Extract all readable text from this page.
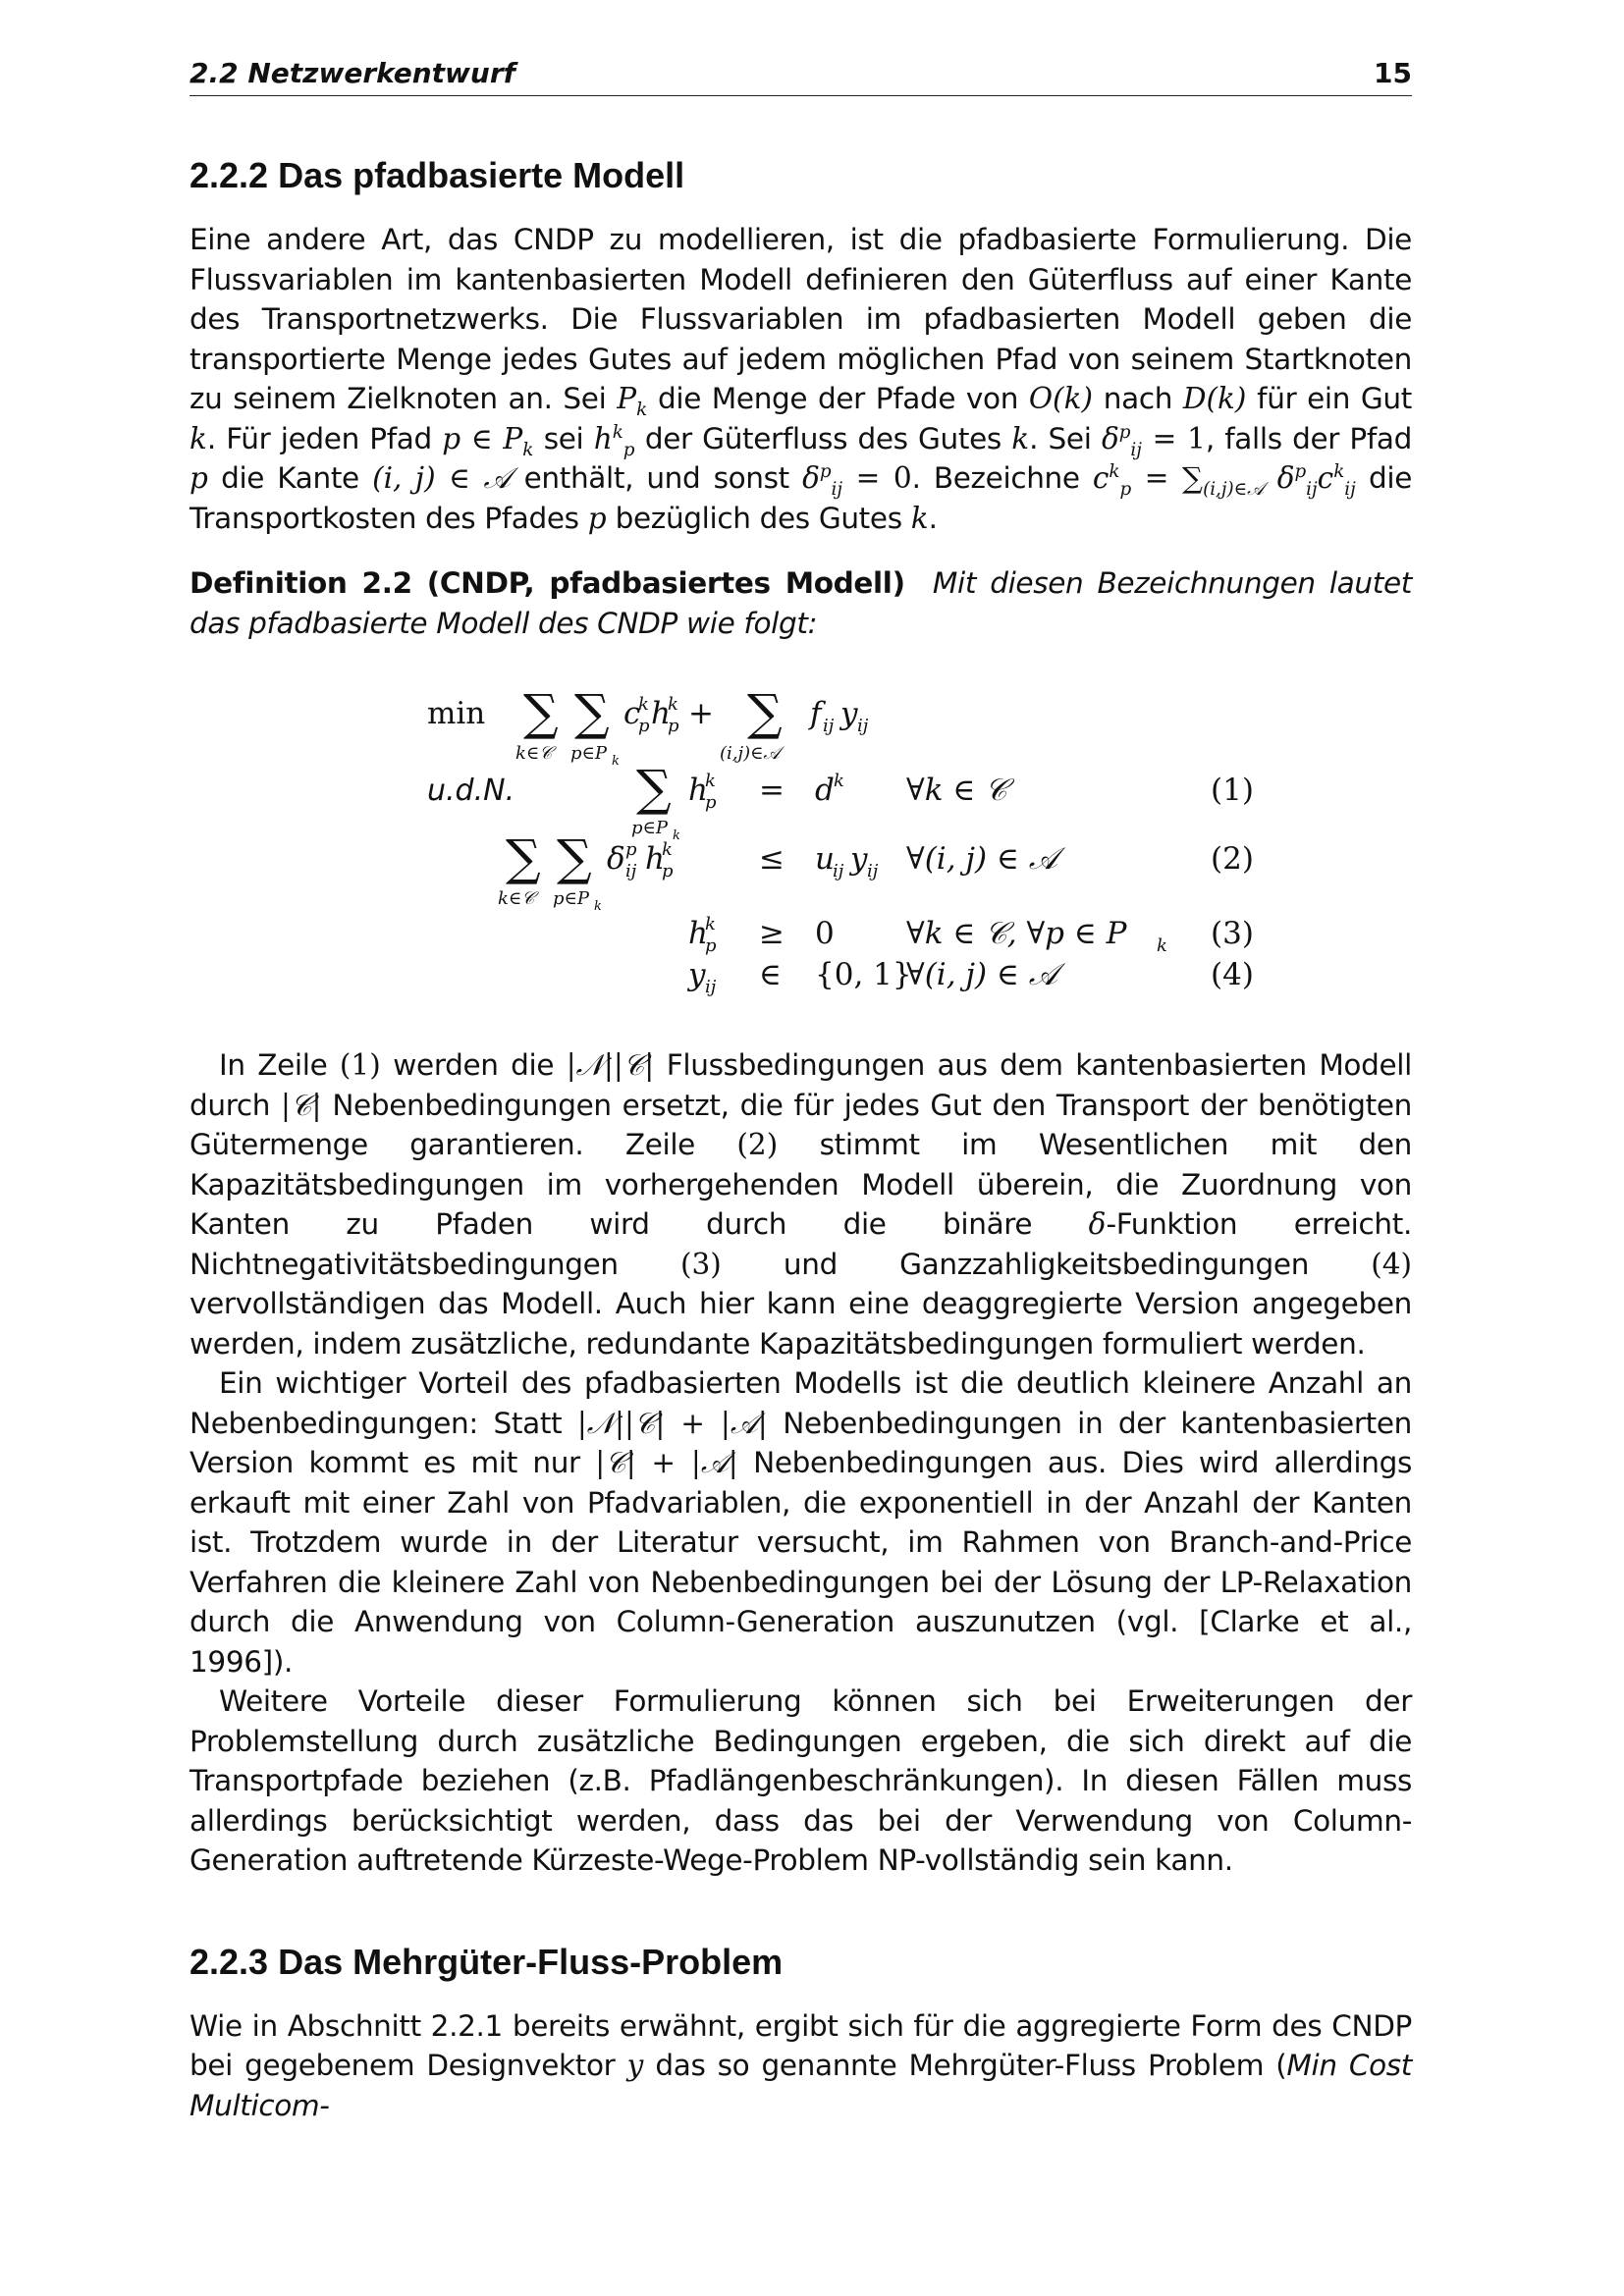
2.2 Netzwerkentwurf	15
2.2.2 Das pfadbasierte Modell

Eine andere Art, das CNDP zu modellieren, ist die pfadbasierte Formulierung. Die Flussvariablen im kantenbasierten Modell definieren den Güterfluss auf einer Kante des Transportnetzwerks. Die Flussvariablen im pfadbasierten Modell geben die transportierte Menge jedes Gutes auf jedem möglichen Pfad von seinem Startknoten zu seinem Zielknoten an. Sei $P_k$ die Menge der Pfade von O(k) nach D(k) für ein Gut k. Für jeden Pfad p ∈ $P_k$ sei $h^k_p$ der Güterfluss des Gutes k. Sei $\delta^p_{ij} = 1$, falls der Pfad p die Kante (i, j) ∈ 𝒜 enthält, und sonst $\delta^p_{ij} = 0$. Bezeichne $c^k_p = \sum_{(i,j)\in 𝒜}$ $\delta^p_{ij}c^k_{ij}$ die Transportkosten des Pfades p bezüglich des Gutes k.

Definition 2.2 (CNDP, pfadbasiertes Modell) Mit diesen Bezeichnungen lautet das pfadbasierte Modell des CNDP wie folgt:

min ∑
k∈𝒞
∑
p∈P k
c
k
p h
k
p + ∑
(i,j)∈𝒜
f ij y ij
u.d.N. ∑
p∈P k
h
k
p = d k ∀k ∈ 𝒞	(1)
∑
k∈𝒞
∑
p∈P k
δ p
ij h
k
p	≤ u
ij y ij ∀(i, j) ∈ 𝒜	(2)
h
k
p ≥ 0 ∀k ∈ 𝒞, ∀p ∈ P k (3)
y ij ∈ {0, 1}
∀(i, j) ∈ 𝒜	(4)

In Zeile (1) werden die |𝒩||𝒞| Flussbedingungen aus dem kantenbasierten Modell durch |𝒞| Nebenbedingungen ersetzt, die für jedes Gut den Transport der benötigten Gütermenge garantieren. Zeile (2) stimmt im Wesentlichen mit den Kapazitätsbedingungen im vorhergehenden Modell überein, die Zuordnung von Kanten zu Pfaden wird durch die binäre δ-Funktion erreicht. Nichtnegativitätsbedingungen (3) und Ganzzahligkeitsbedingungen (4) vervollständigen das Modell. Auch hier kann eine deaggregierte Version angegeben werden, indem zusätzliche, redundante Kapazitätsbedingungen formuliert werden.

Ein wichtiger Vorteil des pfadbasierten Modells ist die deutlich kleinere Anzahl an Nebenbedingungen: Statt |𝒩||𝒞| + |𝒜| Nebenbedingungen in der kantenbasierten Version kommt es mit nur |𝒞| + |𝒜| Nebenbedingungen aus. Dies wird allerdings erkauft mit einer Zahl von Pfadvariablen, die exponentiell in der Anzahl der Kanten ist. Trotzdem wurde in der Literatur versucht, im Rahmen von Branch-and-Price Verfahren die kleinere Zahl von Nebenbedingungen bei der Lösung der LP-Relaxation durch die Anwendung von Column-Generation auszunutzen (vgl. [Clarke et al., 1996]).

Weitere Vorteile dieser Formulierung können sich bei Erweiterungen der Problemstellung durch zusätzliche Bedingungen ergeben, die sich direkt auf die Transportpfade beziehen (z.B. Pfadlängenbeschränkungen). In diesen Fällen muss allerdings berücksichtigt werden, dass das bei der Verwendung von Column-Generation auftretende Kürzeste-Wege-Problem NP-vollständig sein kann.

2.2.3 Das Mehrgüter-Fluss-Problem

Wie in Abschnitt 2.2.1 bereits erwähnt, ergibt sich für die aggregierte Form des CNDP bei gegebenem Designvektor y das so genannte Mehrgüter-Fluss Problem (Min Cost Multicom-
